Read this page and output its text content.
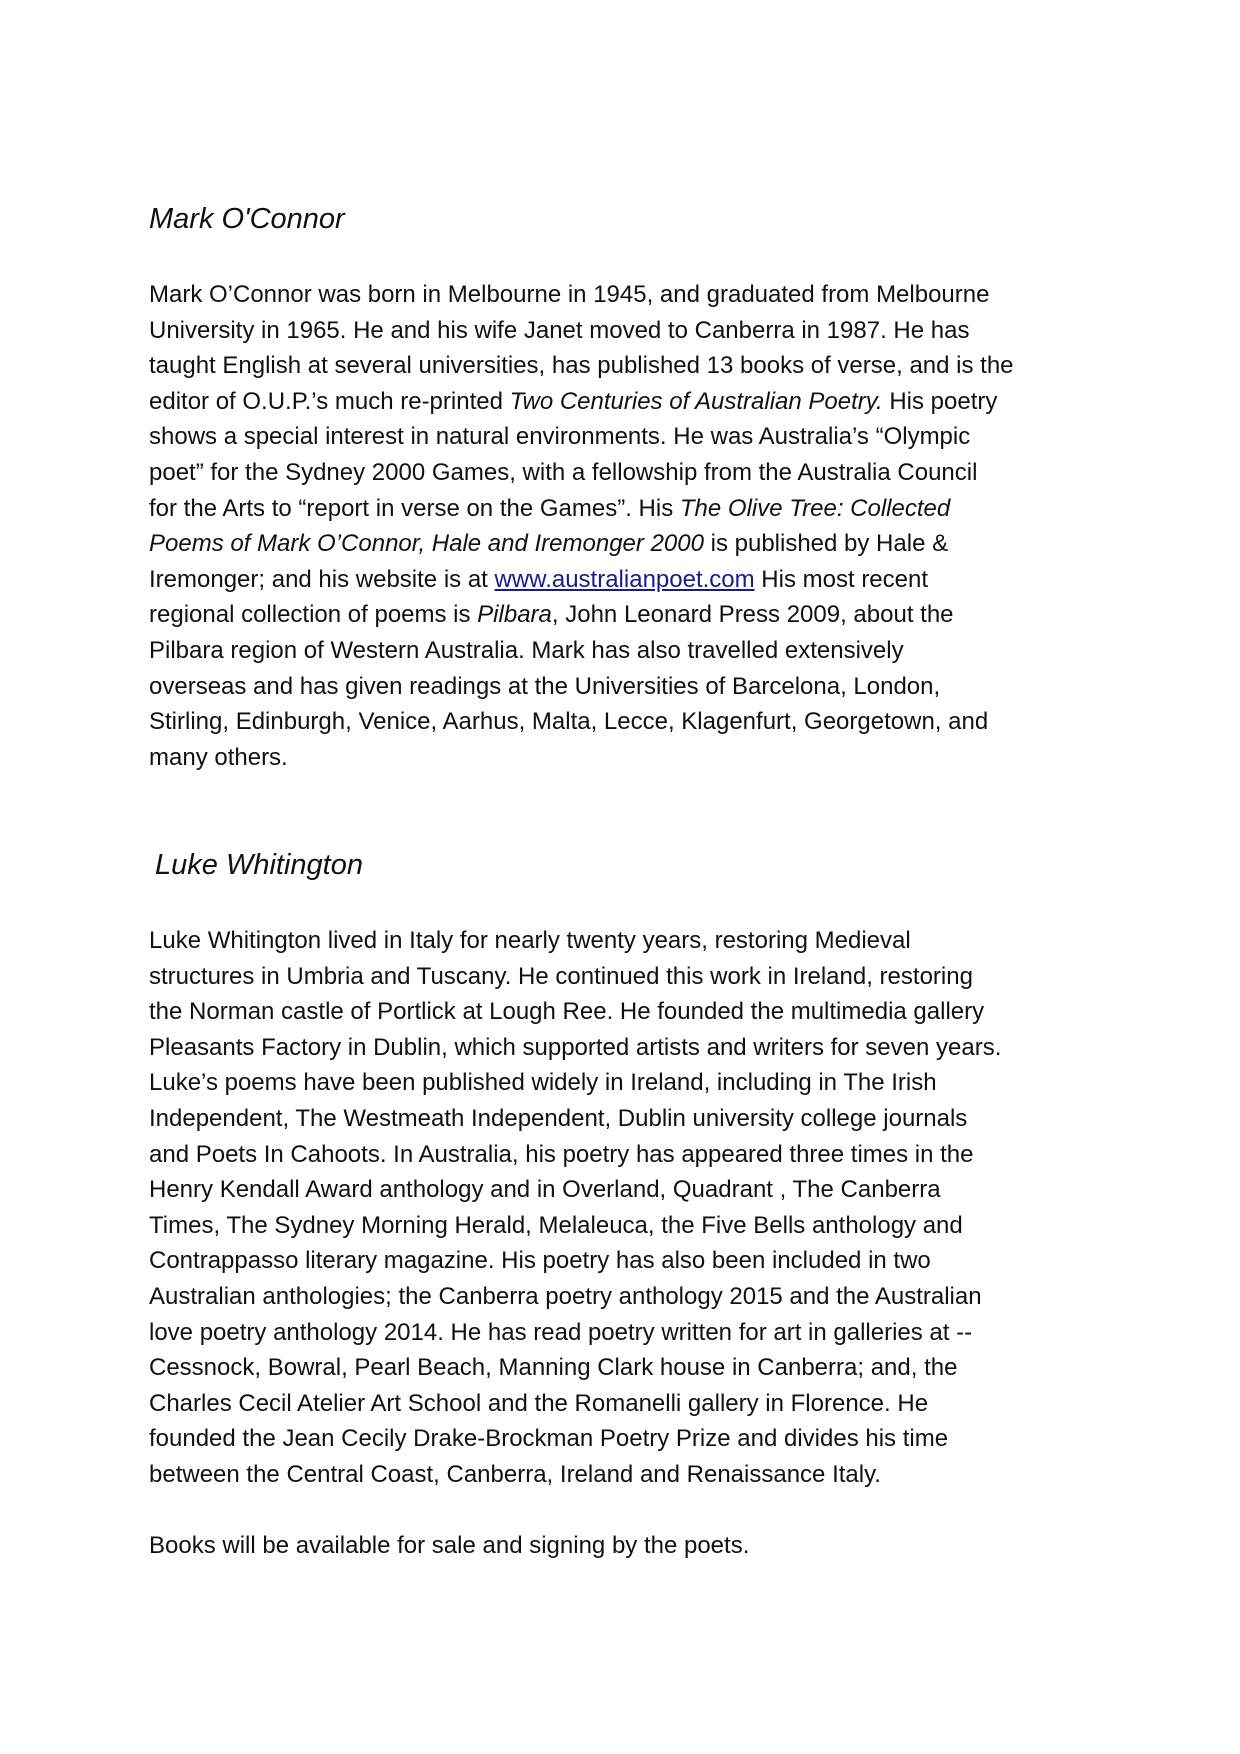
Mark O'Connor
Mark O’Connor was born in Melbourne in 1945, and graduated from Melbourne
University in 1965. He and his wife Janet moved to Canberra in 1987. He has
taught English at several universities, has published 13 books of verse, and is the
editor of O.U.P.’s much re-printed Two Centuries of Australian Poetry. His poetry
shows a special interest in natural environments. He was Australia’s “Olympic
poet” for the Sydney 2000 Games, with a fellowship from the Australia Council
for the Arts to “report in verse on the Games”. His The Olive Tree: Collected
Poems of Mark O’Connor, Hale and Iremonger 2000 is published by Hale &
Iremonger; and his website is at www.australianpoet.com His most recent
regional collection of poems is Pilbara, John Leonard Press 2009, about the
Pilbara region of Western Australia. Mark has also travelled extensively
overseas and has given readings at the Universities of Barcelona, London,
Stirling, Edinburgh, Venice, Aarhus, Malta, Lecce, Klagenfurt, Georgetown, and
many others.
Luke Whitington
Luke Whitington lived in Italy for nearly twenty years, restoring Medieval
structures in Umbria and Tuscany. He continued this work in Ireland, restoring
the Norman castle of Portlick at Lough Ree. He founded the multimedia gallery
Pleasants Factory in Dublin, which supported artists and writers for seven years.
Luke’s poems have been published widely in Ireland, including in The Irish
Independent, The Westmeath Independent, Dublin university college journals
and Poets In Cahoots. In Australia, his poetry has appeared three times in the
Henry Kendall Award anthology and in Overland, Quadrant , The Canberra
Times, The Sydney Morning Herald, Melaleuca, the Five Bells anthology and
Contrappasso literary magazine. His poetry has also been included in two
Australian anthologies; the Canberra poetry anthology 2015 and the Australian
love poetry anthology 2014. He has read poetry written for art in galleries at --
Cessnock, Bowral, Pearl Beach, Manning Clark house in Canberra; and, the
Charles Cecil Atelier Art School and the Romanelli gallery in Florence. He
founded the Jean Cecily Drake-Brockman Poetry Prize and divides his time
between the Central Coast, Canberra, Ireland and Renaissance Italy.

Books will be available for sale and signing by the poets.
